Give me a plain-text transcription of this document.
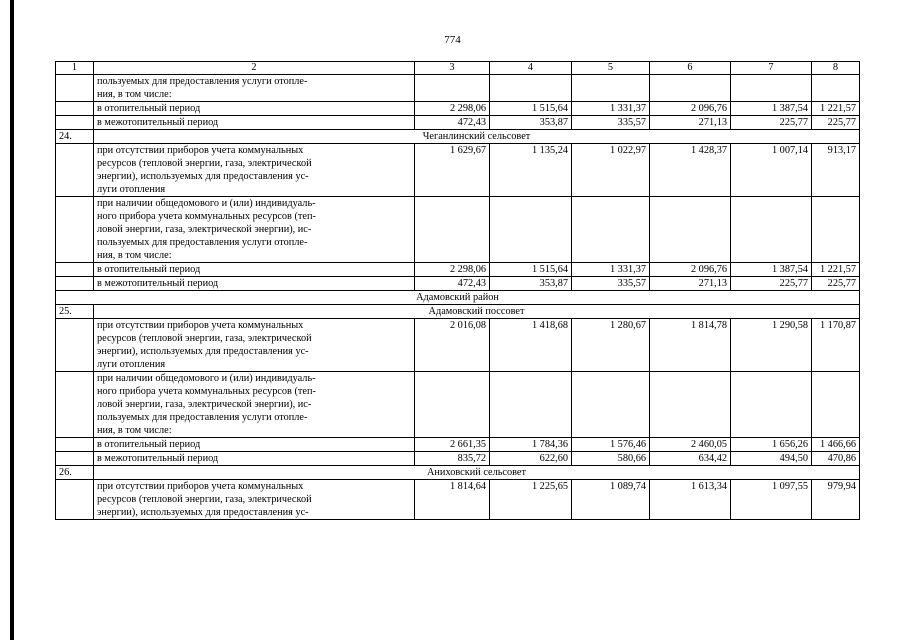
774
1	2	3	4	5	6	7	8
	пользуемых для предоставления услуги отопле-
ния, в том числе:						
	в отопительный период	2 298,06	1 515,64	1 331,37	2 096,76	1 387,54	1 221,57
	в межотопительный период	472,43	353,87	335,57	271,13	225,77	225,77
24.	Чеганлинский сельсовет						
	при отсутствии приборов учета коммунальных
ресурсов (тепловой энергии, газа, электрической
энергии), используемых для предоставления ус-
луги отопления	1 629,67	1 135,24	1 022,97	1 428,37	1 007,14	913,17
	при наличии общедомового и (или) индивидуаль-
ного прибора учета коммунальных ресурсов (теп-
ловой энергии, газа, электрической энергии), ис-
пользуемых для предоставления услуги отопле-
ния, в том числе:						
	в отопительный период	2 298,06	1 515,64	1 331,37	2 096,76	1 387,54	1 221,57
	в межотопительный период	472,43	353,87	335,57	271,13	225,77	225,77
Адамовский район							
25.	Адамовский поссовет						
	при отсутствии приборов учета коммунальных
ресурсов (тепловой энергии, газа, электрической
энергии), используемых для предоставления ус-
луги отопления	2 016,08	1 418,68	1 280,67	1 814,78	1 290,58	1 170,87
	при наличии общедомового и (или) индивидуаль-
ного прибора учета коммунальных ресурсов (теп-
ловой энергии, газа, электрической энергии), ис-
пользуемых для предоставления услуги отопле-
ния, в том числе:						
	в отопительный период	2 661,35	1 784,36	1 576,46	2 460,05	1 656,26	1 466,66
	в межотопительный период	835,72	622,60	580,66	634,42	494,50	470,86
26.	Аниховский сельсовет						
	при отсутствии приборов учета коммунальных
ресурсов (тепловой энергии, газа, электрической
энергии), используемых для предоставления ус-	1 814,64	1 225,65	1 089,74	1 613,34	1 097,55	979,94
